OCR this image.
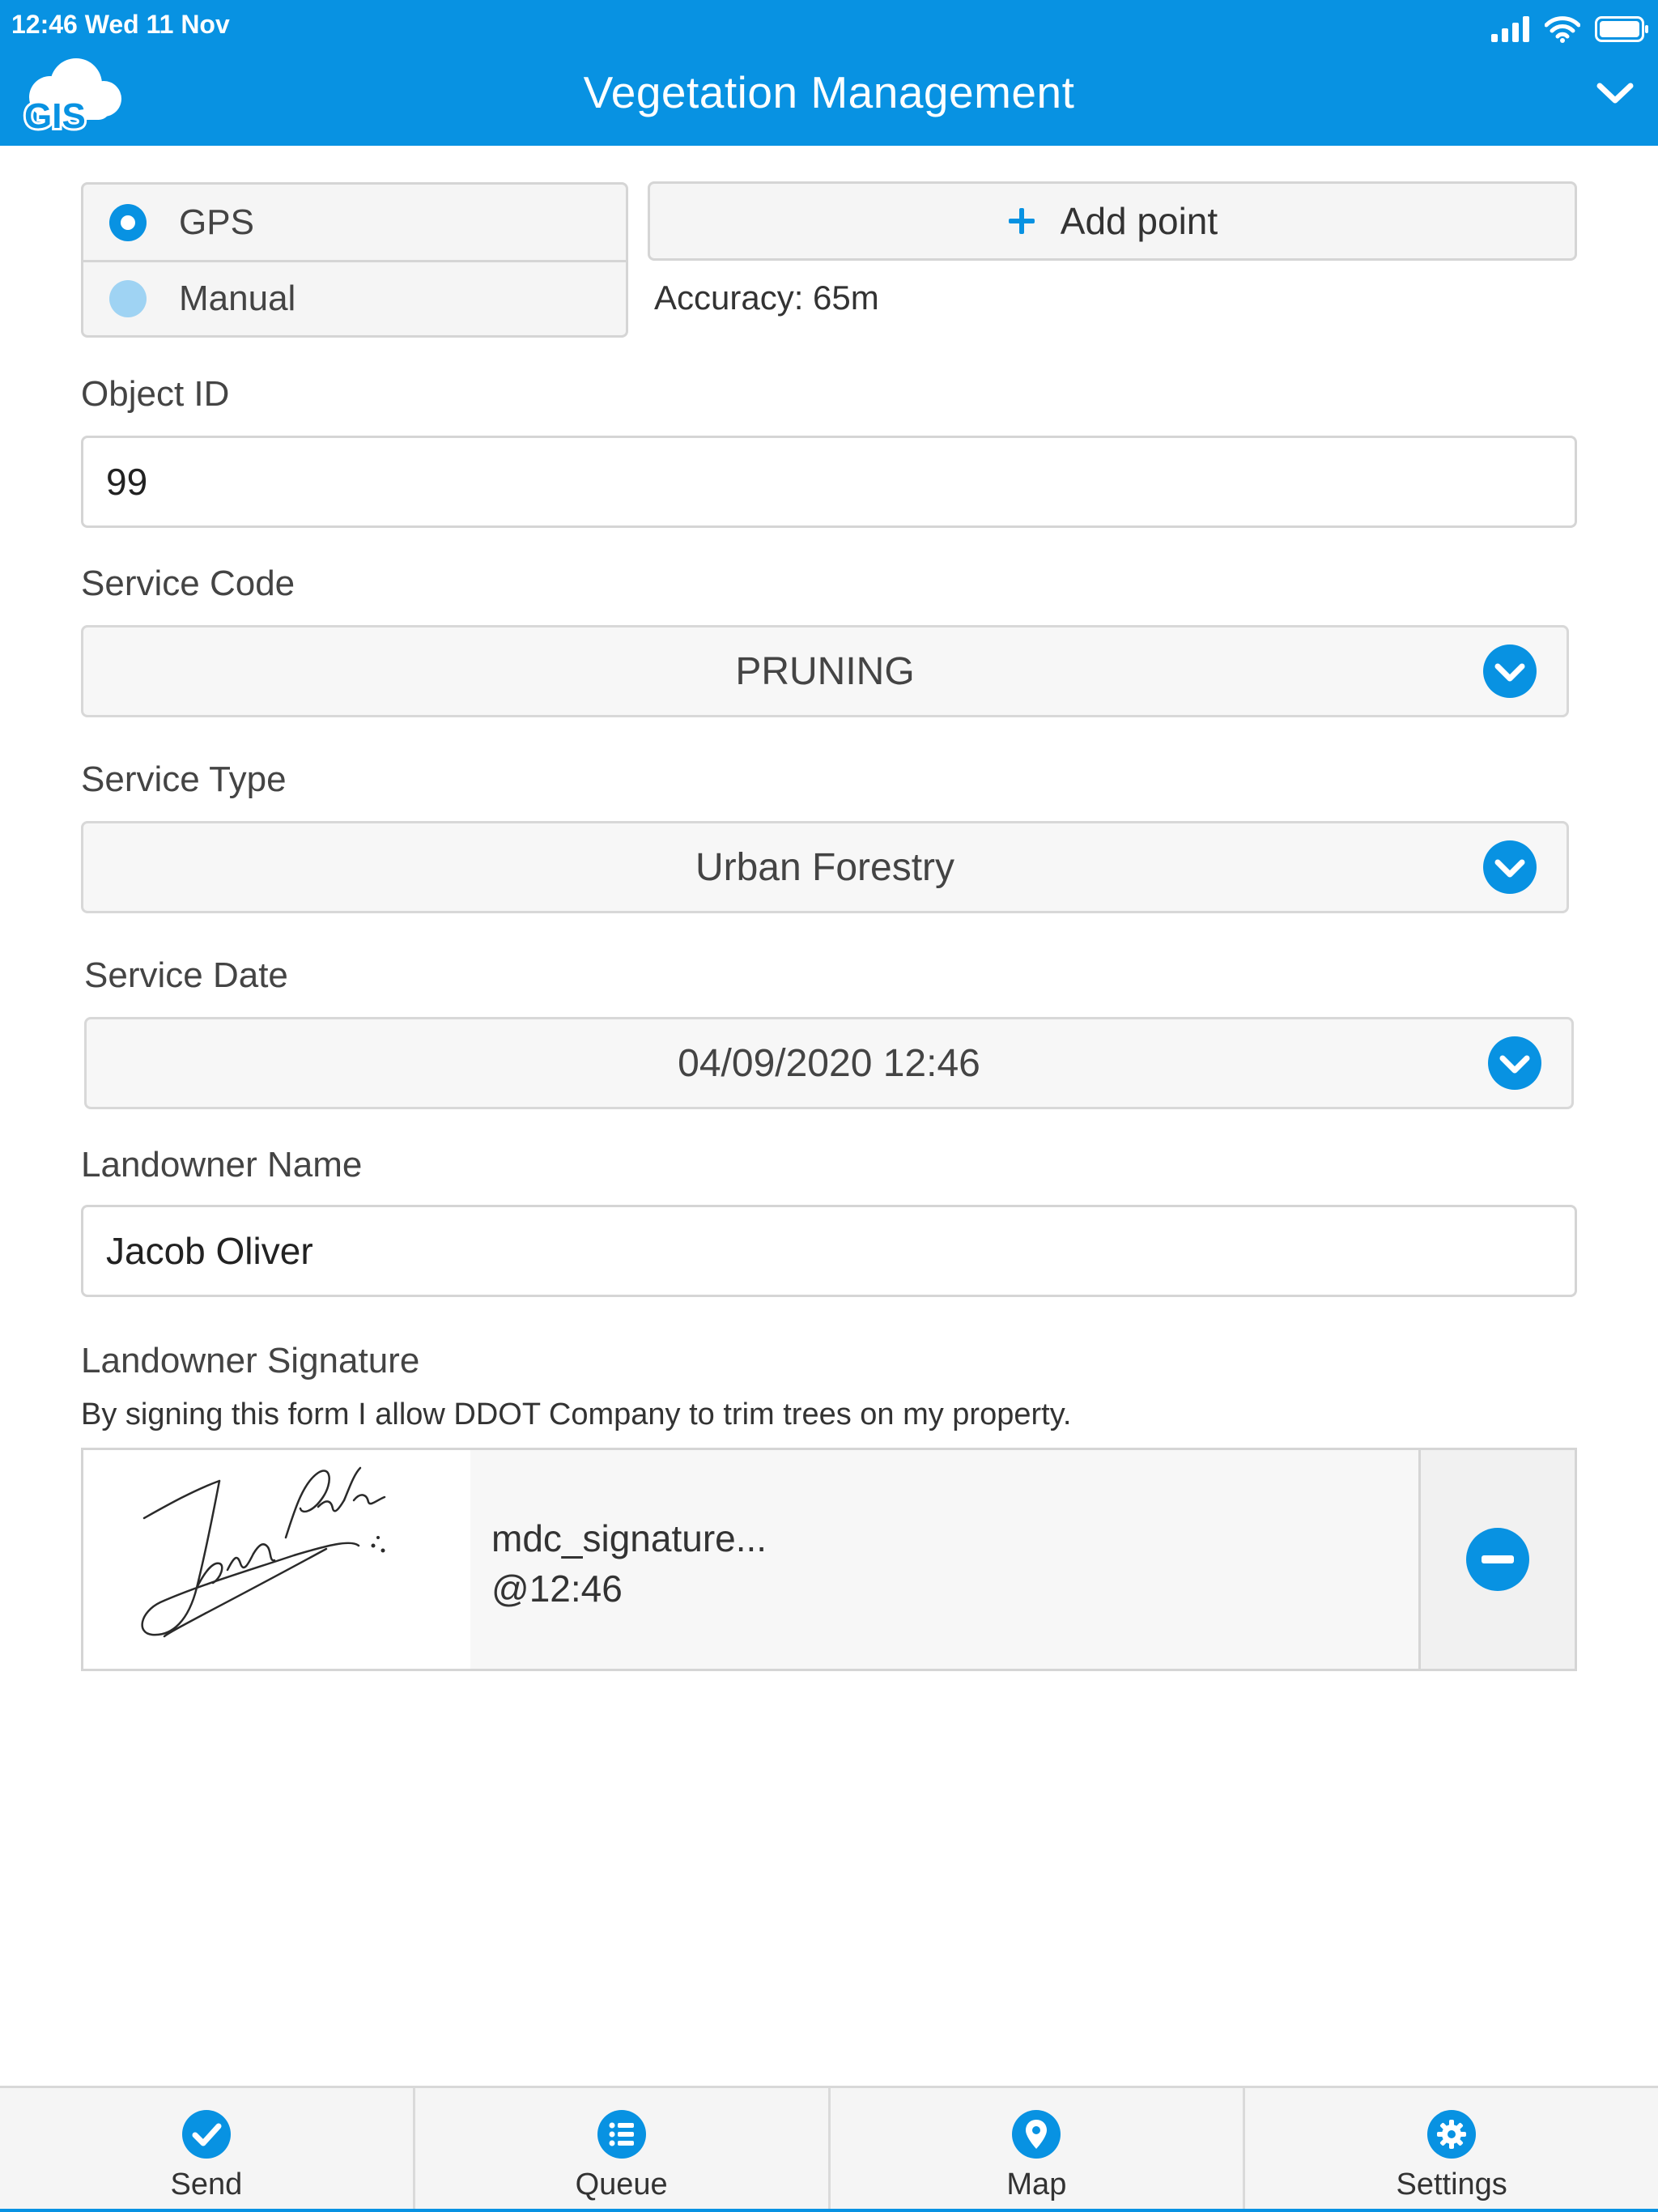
12:46 Wed 11 Nov
GIS	Vegetation Management
GPS
Manual
Add point
Accuracy: 65m
Object ID
99
Service Code
PRUNING
Service Type
Urban Forestry
Service Date
04/09/2020 12:46
Landowner Name
Jacob Oliver
Landowner Signature
By signing this form I allow DDOT Company to trim trees on my property.
mdc_signature...
@12:46
Send	Queue	Map	Settings
